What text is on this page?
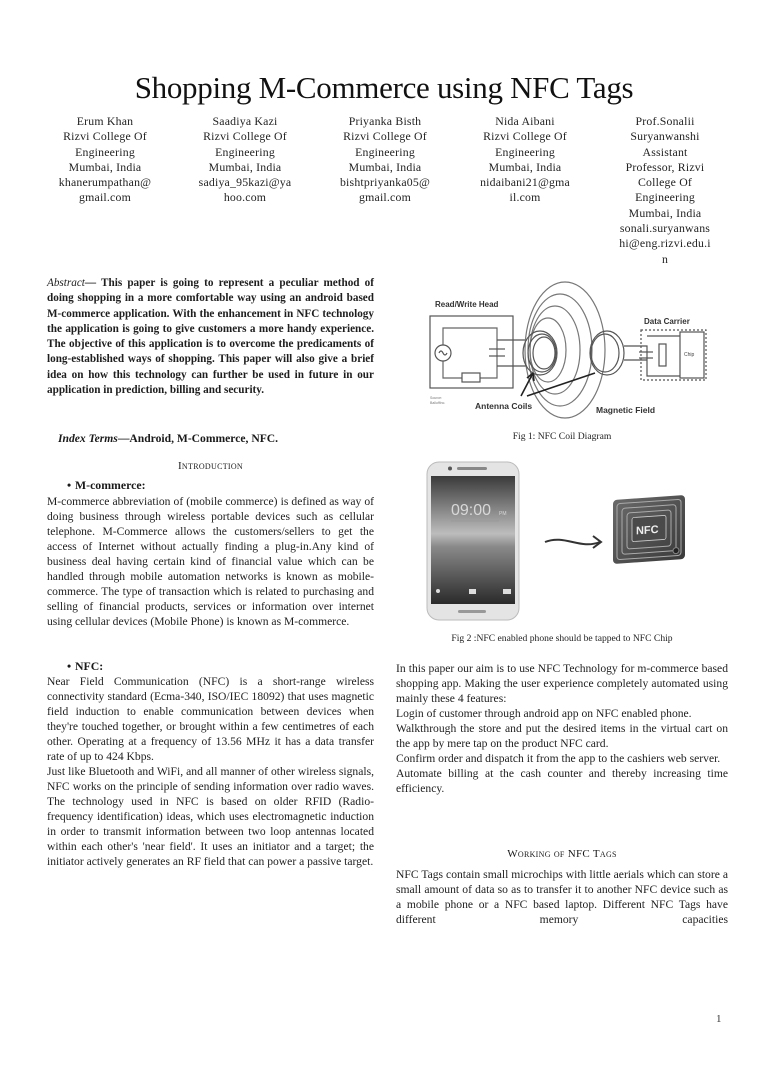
Shopping M-Commerce using NFC Tags
Erum Khan
Rizvi College Of
Engineering
Mumbai, India
khanerumpathan@
gmail.com
Saadiya Kazi
Rizvi College Of
Engineering
Mumbai, India
sadiya_95kazi@ya
hoo.com
Priyanka Bisth
Rizvi College Of
Engineering
Mumbai, India
bishtpriyanka05@
gmail.com
Nida Aibani
Rizvi College Of
Engineering
Mumbai, India
nidaibani21@gma
il.com
Prof.Sonalii
Suryanwanshi
Assistant
Professor, Rizvi
College Of
Engineering
Mumbai, India
sonali.suryanwans
hi@eng.rizvi.edu.i
n
Abstract— This paper is going to represent a peculiar method of doing shopping in a more comfortable way using an android based M-commerce application. With the enhancement in NFC technology the application is going to give customers a more handy experience. The objective of this application is to overcome the predicaments of long-established ways of shopping. This paper will also give a brief idea on how this technology can further be used in future in our application in prediction, billing and security.
Index Terms—Android, M-Commerce, NFC.
Introduction
• M-commerce:
M-commerce abbreviation of (mobile commerce) is defined as way of doing business through wireless portable devices such as cellular telephone. M-Commerce allows the customers/sellers to get the access of Internet without actually finding a plug-in.Any kind of business deal having certain kind of financial value which can be handled through mobile automation networks is known as mobile-commerce. The type of transaction which is related to purchasing and selling of financial products, services or information over internet using cellular devices (Mobile Phone) is known as M-commerce.
• NFC:
Near Field Communication (NFC) is a short-range wireless connectivity standard (Ecma-340, ISO/IEC 18092) that uses magnetic field induction to enable communication between devices when they're touched together, or brought within a few centimetres of each other. Operating at a frequency of 13.56 MHz it has a data transfer rate of up to 424 Kbps.
Just like Bluetooth and WiFi, and all manner of other wireless signals, NFC works on the principle of sending information over radio waves. The technology used in NFC is based on older RFID (Radio-frequency identification) ideas, which uses electromagnetic induction in order to transmit information between two loop antennas located within each other's 'near field'. It uses an initiator and a target; the initiator actively generates an RF field that can power a passive target.
Read/Write Head
Data Carrier
Chip
Antenna Coils	Magnetic Field
Source:
BalluffInc.
Fig 1: NFC Coil Diagram
09:00 PM
NFC
Fig 2 :NFC enabled phone should be tapped to NFC Chip
In this paper our aim is to use NFC Technology for m-commerce based shopping app. Making the user experience completely automated using mainly these 4 features:
Login of customer through android app on NFC enabled phone.
Walkthrough the store and put the desired items in the virtual cart on the app by mere tap on the product NFC card.
Confirm order and dispatch it from the app to the cashiers web server.
Automate billing at the cash counter and thereby increasing time efficiency.
Working of NFC Tags
NFC Tags contain small microchips with little aerials which can store a small amount of data so as to transfer it to another NFC device such as a mobile phone or a NFC based laptop. Different NFC Tags have different memory capacities
1
